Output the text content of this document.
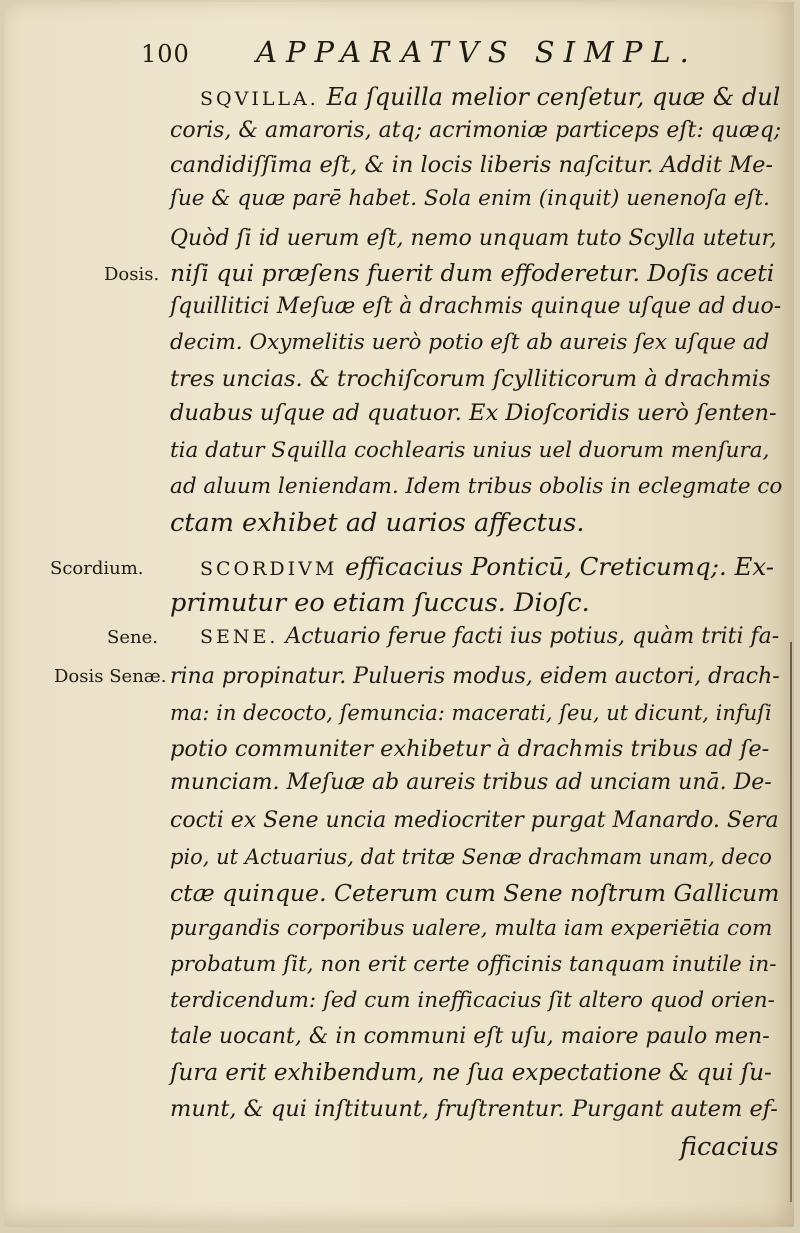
100 APPARATVS SIMPL.
Dosis.
Scordium.
Sene.
Dosis Senæ.
SQVILLA. Ea ſquilla melior cenſetur, quæ & dul
coris, & amaroris, atq; acrimoniæ particeps eſt: quæq;
candidiſſima eſt, & in locis liberis naſcitur. Addit Me-
ſue & quæ parē habet. Sola enim (inquit) uenenoſa eſt.
Quòd ſi id uerum eſt, nemo unquam tuto Scylla utetur,
niſi qui præſens fuerit dum effoderetur. Doſis aceti
ſquillitici Meſuæ eſt à drachmis quinque uſque ad duo-
decim. Oxymelitis uerò potio eſt ab aureis ſex uſque ad
tres uncias. & trochiſcorum ſcylliticorum à drachmis
duabus uſque ad quatuor. Ex Dioſcoridis uerò ſenten-
tia datur Squilla cochlearis unius uel duorum menſura,
ad aluum leniendam. Idem tribus obolis in eclegmate co
ctam exhibet ad uarios affectus.
SCORDIVM efficacius Ponticū, Creticumq;. Ex-
primutur eo etiam ſuccus. Dioſc.
SENE. Actuario ferue facti ius potius, quàm triti fa-
rina propinatur. Pulueris modus, eidem auctori, drach-
ma: in decocto, ſemuncia: macerati, ſeu, ut dicunt, infuſi
potio communiter exhibetur à drachmis tribus ad ſe-
munciam. Meſuæ ab aureis tribus ad unciam unā. De-
cocti ex Sene uncia mediocriter purgat Manardo. Sera
pio, ut Actuarius, dat tritæ Senæ drachmam unam, deco
ctæ quinque. Ceterum cum Sene noſtrum Gallicum
purgandis corporibus ualere, multa iam experiētia com
probatum ſit, non erit certe officinis tanquam inutile in-
terdicendum: ſed cum inefficacius ſit altero quod orien-
tale uocant, & in communi eſt uſu, maiore paulo men-
ſura erit exhibendum, ne ſua expectatione & qui ſu-
munt, & qui inſtituunt, fruſtrentur. Purgant autem ef-
ficacius
